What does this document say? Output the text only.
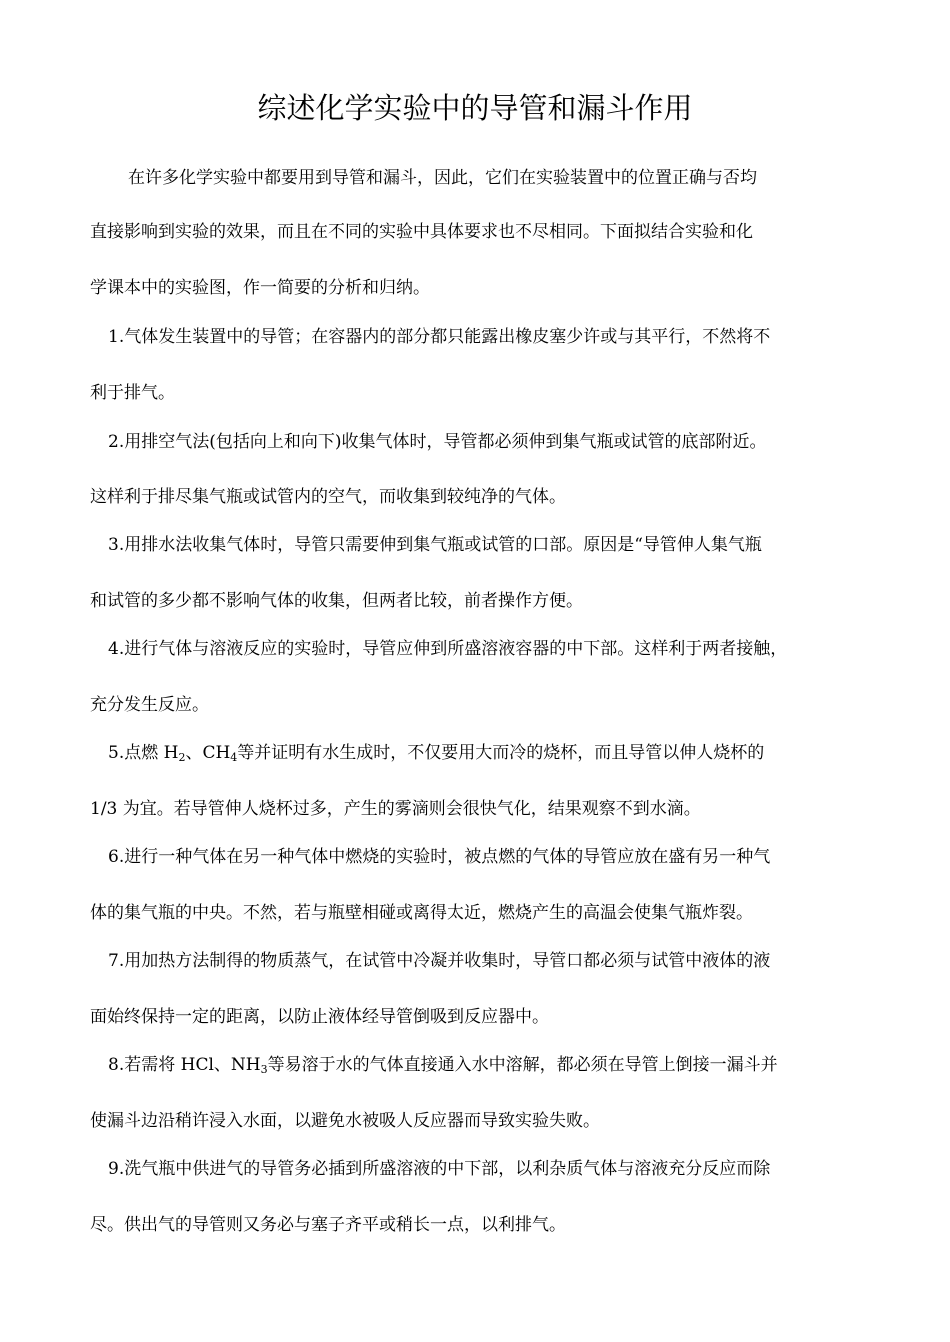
综述化学实验中的导管和漏斗作用
在许多化学实验中都要用到导管和漏斗，因此，它们在实验装置中的位置正确与否均
直接影响到实验的效果，而且在不同的实验中具体要求也不尽相同。下面拟结合实验和化
学课本中的实验图，作一简要的分析和归纳。
1.气体发生装置中的导管；在容器内的部分都只能露出橡皮塞少许或与其平行，不然将不
利于排气。
2.用排空气法(包括向上和向下)收集气体时，导管都必须伸到集气瓶或试管的底部附近。
这样利于排尽集气瓶或试管内的空气，而收集到较纯净的气体。
3.用排水法收集气体时，导管只需要伸到集气瓶或试管的口部。原因是“导管伸人集气瓶
和试管的多少都不影响气体的收集，但两者比较，前者操作方便。
4.进行气体与溶液反应的实验时，导管应伸到所盛溶液容器的中下部。这样利于两者接触，
充分发生反应。
5.点燃 $H_2$、$CH_4$等并证明有水生成时，不仅要用大而冷的烧杯，而且导管以伸人烧杯的
1/3 为宜。若导管伸人烧杯过多，产生的雾滴则会很快气化，结果观察不到水滴。
6.进行一种气体在另一种气体中燃烧的实验时，被点燃的气体的导管应放在盛有另一种气
体的集气瓶的中央。不然，若与瓶壁相碰或离得太近，燃烧产生的高温会使集气瓶炸裂。
7.用加热方法制得的物质蒸气，在试管中冷凝并收集时，导管口都必须与试管中液体的液
面始终保持一定的距离，以防止液体经导管倒吸到反应器中。
8.若需将 HCl、$NH_3$等易溶于水的气体直接通入水中溶解，都必须在导管上倒接一漏斗并
使漏斗边沿稍许浸入水面，以避免水被吸人反应器而导致实验失败。
9.洗气瓶中供进气的导管务必插到所盛溶液的中下部，以利杂质气体与溶液充分反应而除
尽。供出气的导管则又务必与塞子齐平或稍长一点，以利排气。
